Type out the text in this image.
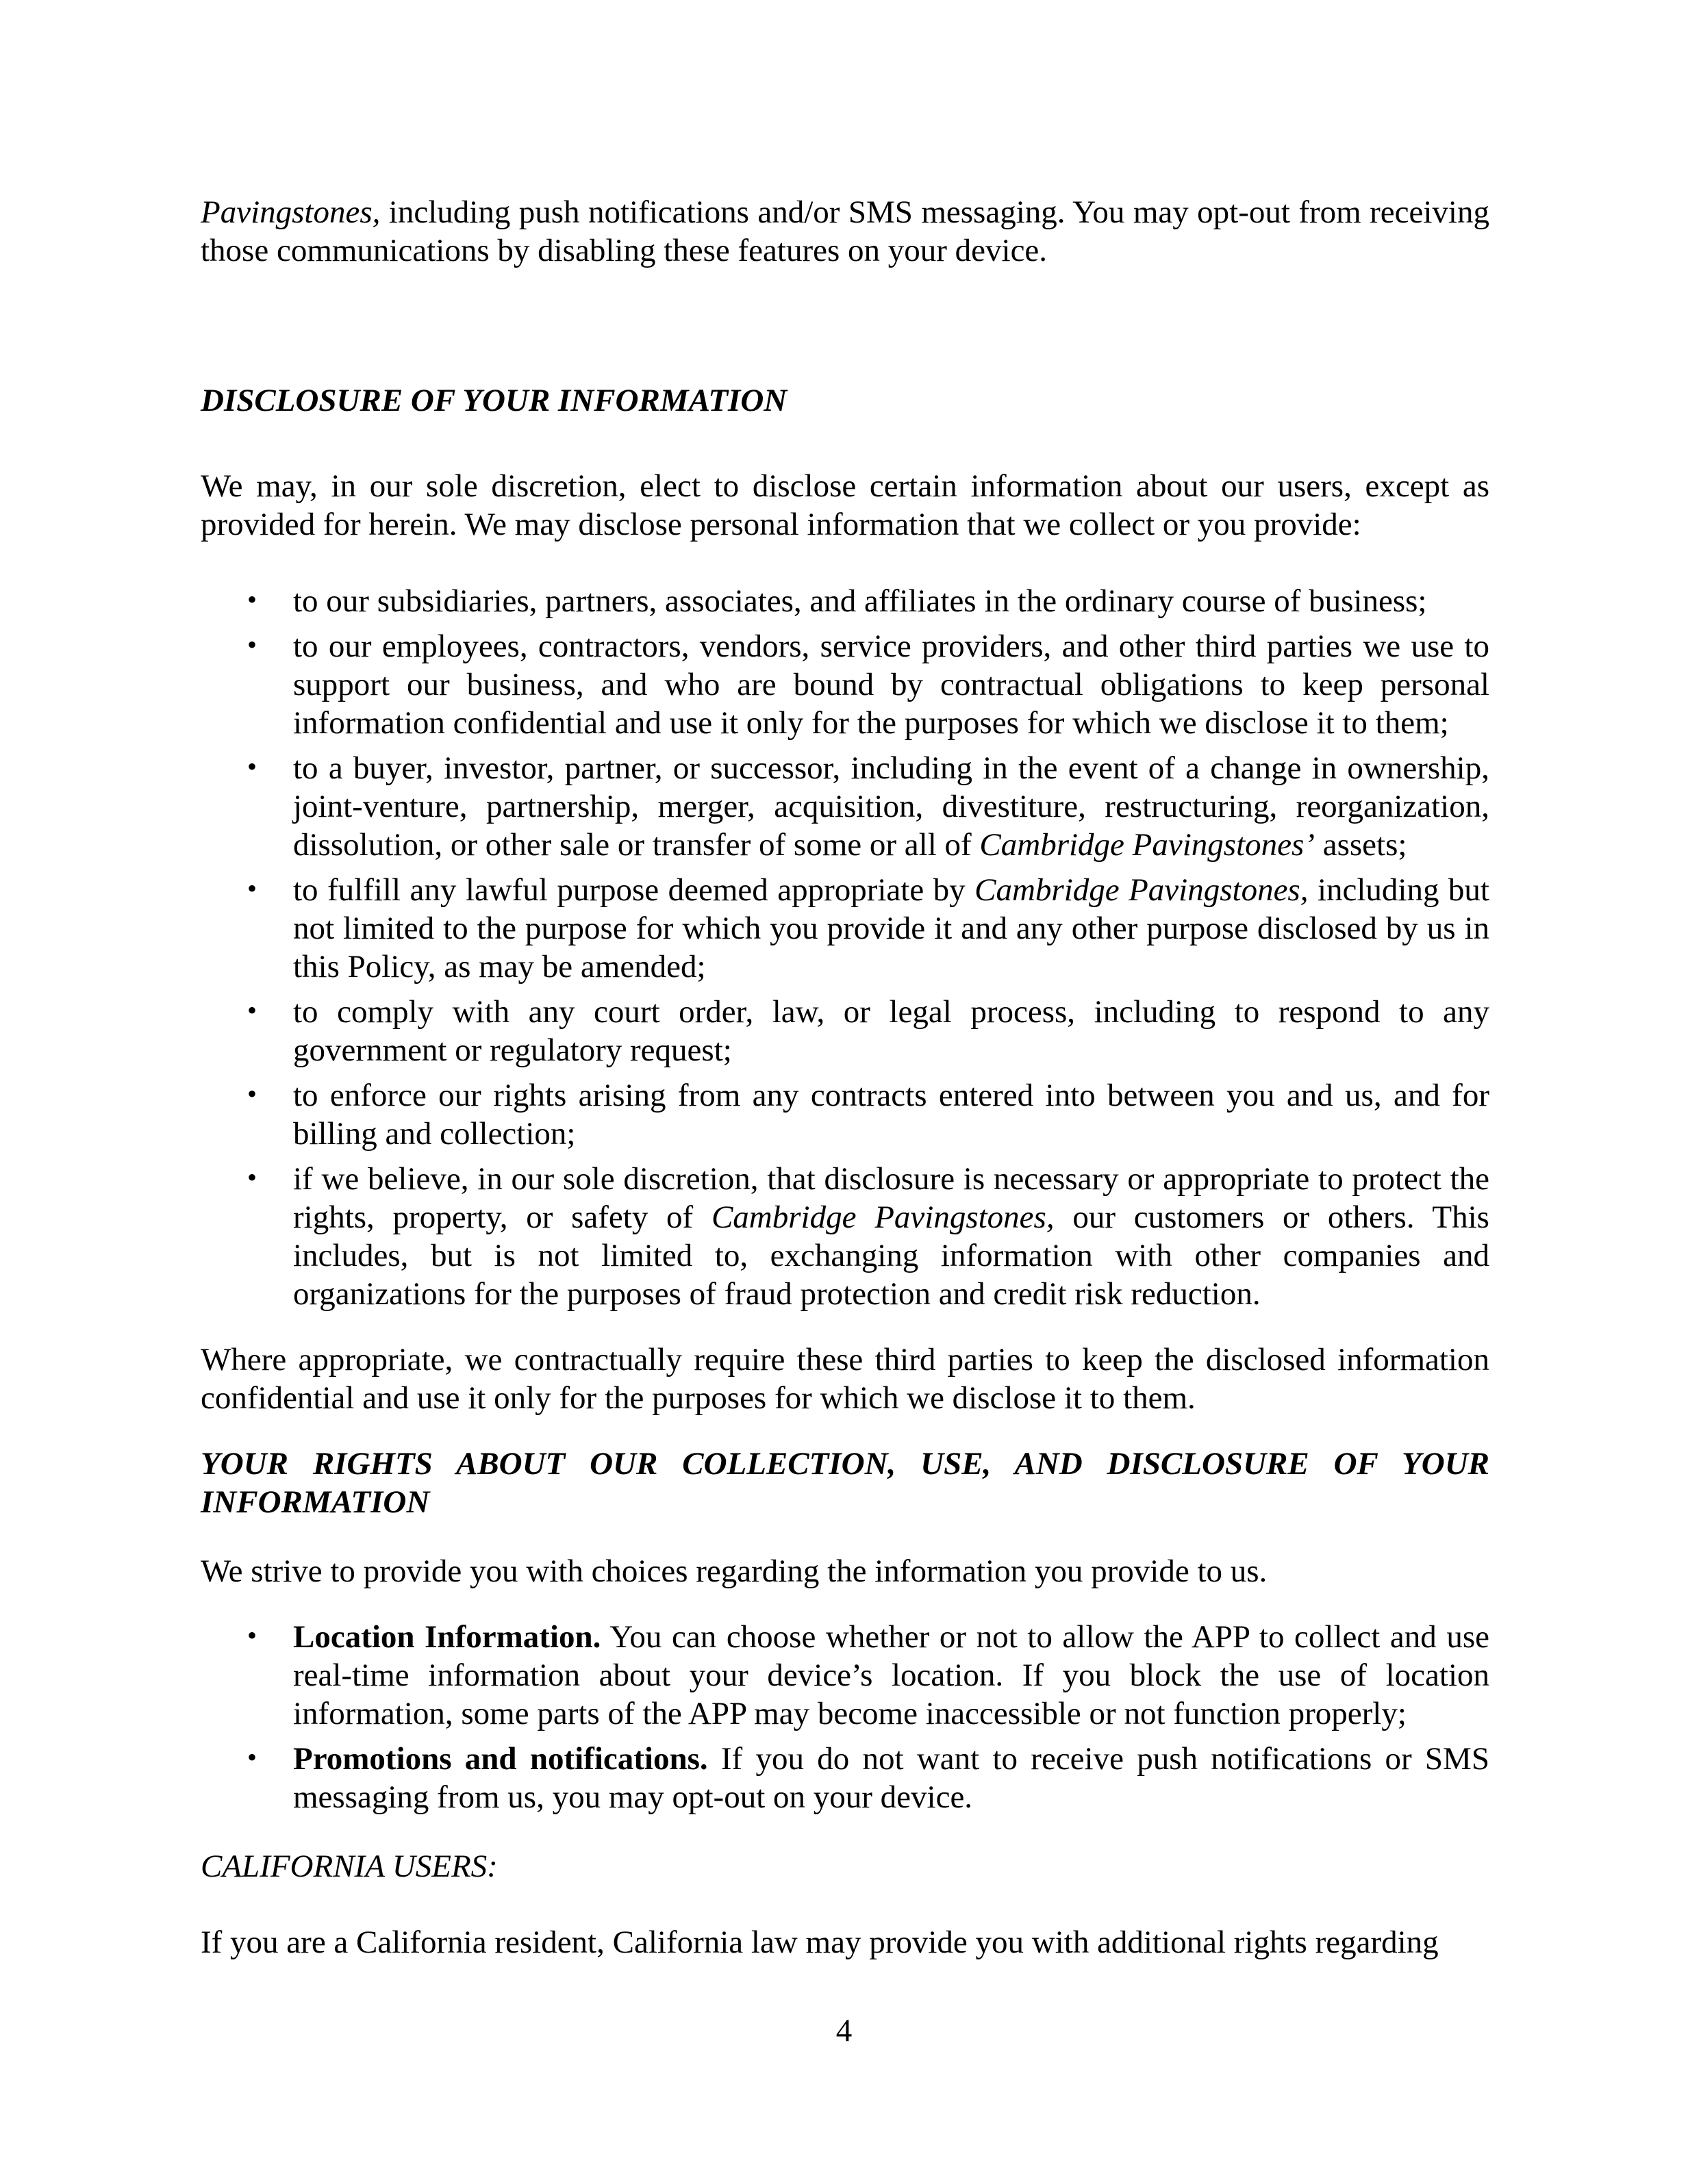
Pavingstones, including push notifications and/or SMS messaging. You may opt-out from receiving those communications by disabling these features on your device.

DISCLOSURE OF YOUR INFORMATION

We may, in our sole discretion, elect to disclose certain information about our users, except as provided for herein. We may disclose personal information that we collect or you provide:

• to our subsidiaries, partners, associates, and affiliates in the ordinary course of business;
• to our employees, contractors, vendors, service providers, and other third parties we use to support our business, and who are bound by contractual obligations to keep personal information confidential and use it only for the purposes for which we disclose it to them;
• to a buyer, investor, partner, or successor, including in the event of a change in ownership, joint-venture, partnership, merger, acquisition, divestiture, restructuring, reorganization, dissolution, or other sale or transfer of some or all of Cambridge Pavingstones’ assets;
• to fulfill any lawful purpose deemed appropriate by Cambridge Pavingstones, including but not limited to the purpose for which you provide it and any other purpose disclosed by us in this Policy, as may be amended;
• to comply with any court order, law, or legal process, including to respond to any government or regulatory request;
• to enforce our rights arising from any contracts entered into between you and us, and for billing and collection;
• if we believe, in our sole discretion, that disclosure is necessary or appropriate to protect the rights, property, or safety of Cambridge Pavingstones, our customers or others. This includes, but is not limited to, exchanging information with other companies and organizations for the purposes of fraud protection and credit risk reduction.

Where appropriate, we contractually require these third parties to keep the disclosed information confidential and use it only for the purposes for which we disclose it to them.

YOUR RIGHTS ABOUT OUR COLLECTION, USE, AND DISCLOSURE OF YOUR
INFORMATION

We strive to provide you with choices regarding the information you provide to us.

• Location Information. You can choose whether or not to allow the APP to collect and use real-time information about your device’s location. If you block the use of location information, some parts of the APP may become inaccessible or not function properly;
• Promotions and notifications. If you do not want to receive push notifications or SMS messaging from us, you may opt-out on your device.
CALIFORNIA USERS:

If you are a California resident, California law may provide you with additional rights regarding

4
